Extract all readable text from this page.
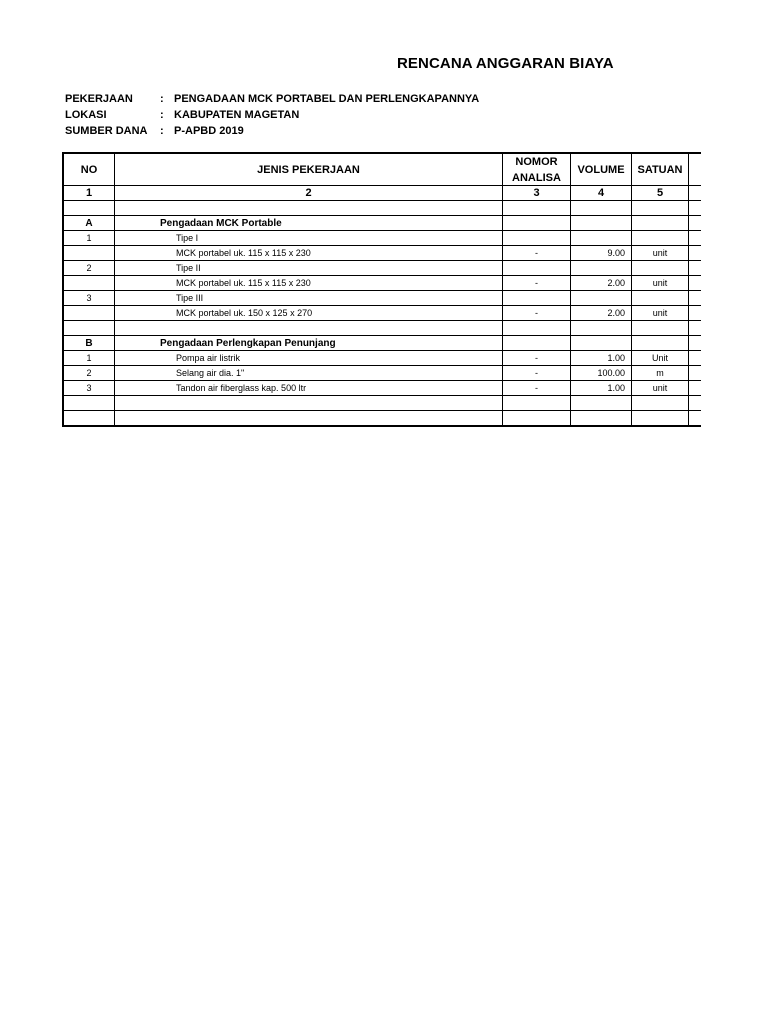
RENCANA ANGGARAN BIAYA
PEKERJAAN : PENGADAAN MCK PORTABEL DAN PERLENGKAPANNYA
LOKASI	: KABUPATEN MAGETAN
SUMBER DANA : P-APBD 2019
NO	JENIS PEKERJAAN
NOMOR
ANALISA
VOLUME	SATUAN
1	2	3	4	5
A	Pengadaan MCK Portable
1	Tipe I
MCK portabel uk. 115 x 115 x 230	-	9.00	unit
2	Tipe II
MCK portabel uk. 115 x 115 x 230	-	2.00	unit
3	Tipe III
MCK portabel uk. 150 x 125 x 270	-	2.00	unit
B	Pengadaan Perlengkapan Penunjang
1	Pompa air listrik	-	1.00	Unit
2	Selang air dia. 1"	-	100.00	m
3	Tandon air fiberglass kap. 500 ltr	-	1.00	unit
